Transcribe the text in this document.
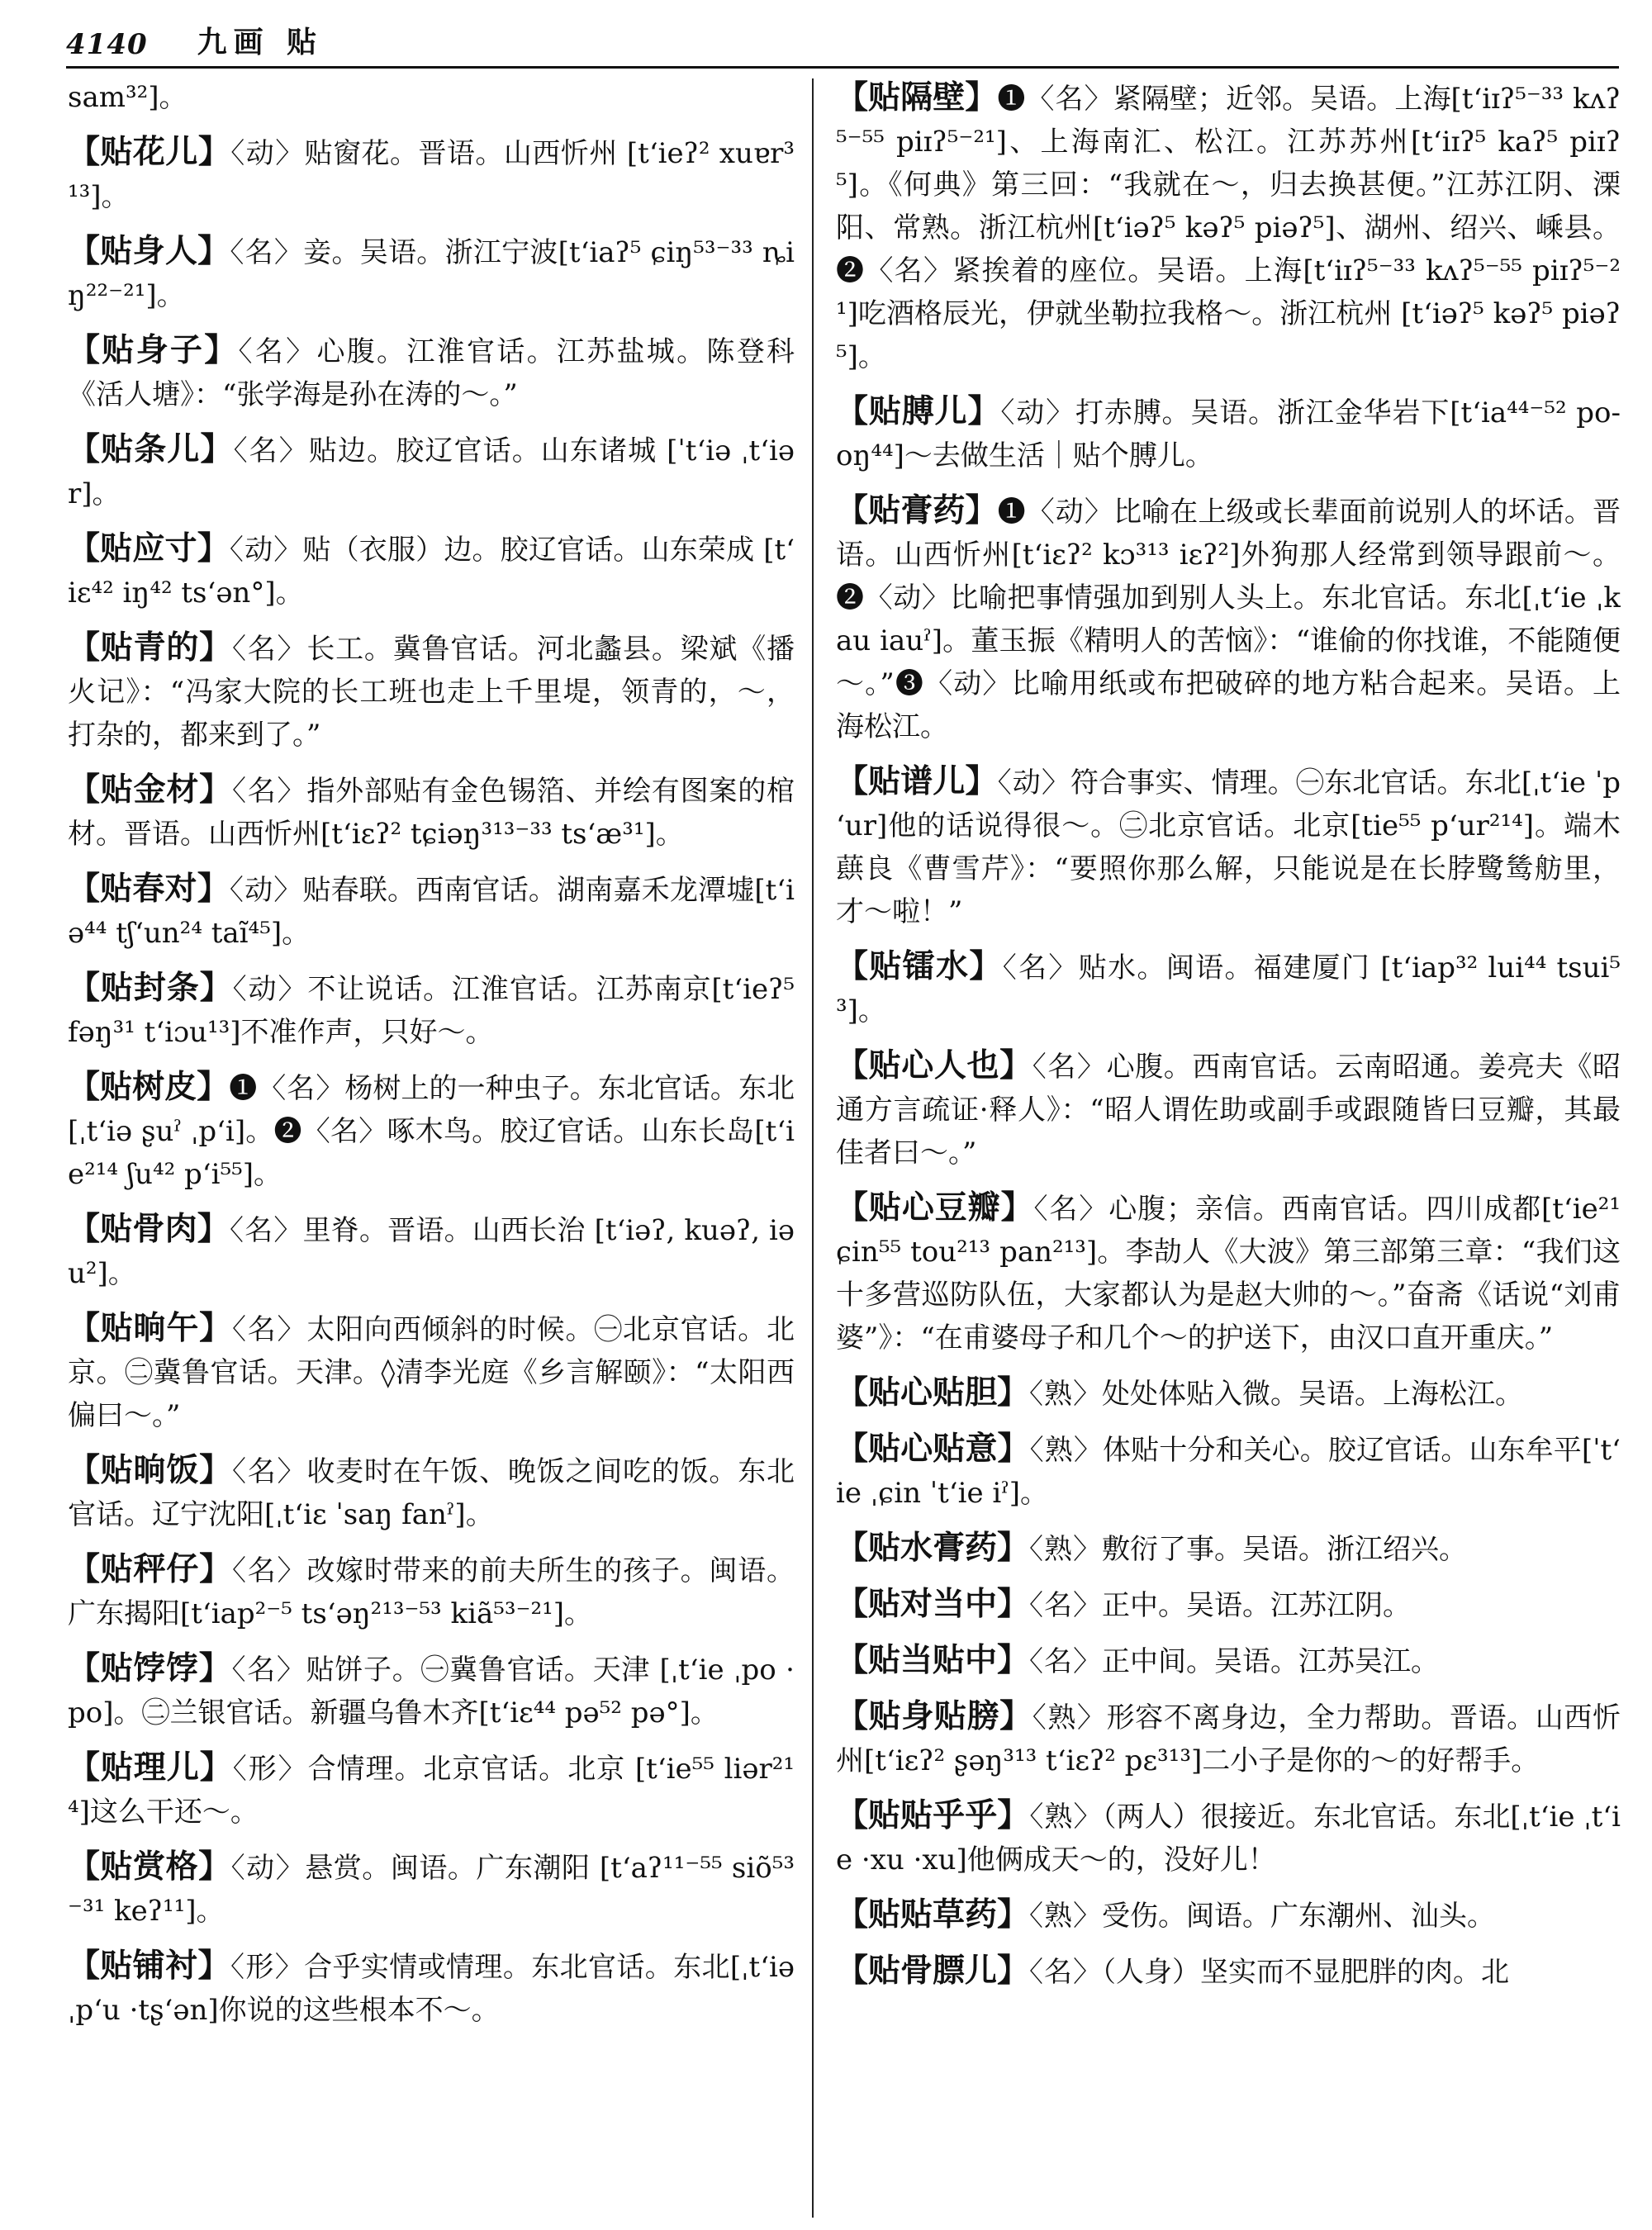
4140 九画 贴
sam³²]。

【贴花儿】〈动〉贴窗花。晋语。山西忻州 [tʻieʔ² xuɐr³¹³]。

【贴身人】〈名〉妾。吴语。浙江宁波[tʻiaʔ⁵ ɕiŋ⁵³⁻³³ ȵiŋ²²⁻²¹]。

【贴身子】〈名〉心腹。江淮官话。江苏盐城。陈登科《活人塘》：“张学海是孙在涛的～。”

【贴条儿】〈名〉贴边。胶辽官话。山东诸城 [ˈtʻiə ˌtʻiər]。

【贴应寸】〈动〉贴（衣服）边。胶辽官话。山东荣成 [tʻiɛ⁴² iŋ⁴² tsʻən°]。

【贴青的】〈名〉长工。冀鲁官话。河北蠡县。梁斌《播火记》：“冯家大院的长工班也走上千里堤，领青的，～，打杂的，都来到了。”

【贴金材】〈名〉指外部贴有金色锡箔、并绘有图案的棺材。晋语。山西忻州[tʻiɛʔ² tɕiəŋ³¹³⁻³³ tsʻæ³¹]。

【贴春对】〈动〉贴春联。西南官话。湖南嘉禾龙潭墟[tʻiə⁴⁴ tʃʻun²⁴ taĩ⁴⁵]。

【贴封条】〈动〉不让说话。江淮官话。江苏南京[tʻieʔ⁵ fəŋ³¹ tʻiɔu¹³]不准作声，只好～。

【贴树皮】❶〈名〉杨树上的一种虫子。东北官话。东北[ˌtʻiə ʂuˀ ˌpʻi]。❷〈名〉啄木鸟。胶辽官话。山东长岛[tʻie²¹⁴ ʃu⁴² pʻi⁵⁵]。

【贴骨肉】〈名〉里脊。晋语。山西长治 [tʻiəʔ, kuəʔ, iəu²]。

【贴晌午】〈名〉太阳向西倾斜的时候。㊀北京官话。北京。㊁冀鲁官话。天津。◊清李光庭《乡言解颐》：“太阳西偏曰～。”

【贴晌饭】〈名〉收麦时在午饭、晚饭之间吃的饭。东北官话。辽宁沈阳[ˌtʻiɛ ˈsaŋ fanˀ]。

【贴秤仔】〈名〉改嫁时带来的前夫所生的孩子。闽语。广东揭阳[tʻiap²⁻⁵ tsʻəŋ²¹³⁻⁵³ kiã⁵³⁻²¹]。

【贴饽饽】〈名〉贴饼子。㊀冀鲁官话。天津 [ˌtʻie ˌpo ·po]。㊁兰银官话。新疆乌鲁木齐[tʻiɛ⁴⁴ pə⁵² pə°]。

【贴理儿】〈形〉合情理。北京官话。北京 [tʻie⁵⁵ liər²¹⁴]这么干还～。

【贴赏格】〈动〉悬赏。闽语。广东潮阳 [tʻaʔ¹¹⁻⁵⁵ siõ⁵³⁻³¹ keʔ¹¹]。

【贴铺衬】〈形〉合乎实情或情理。东北官话。东北[ˌtʻiə ˌpʻu ·tʂʻən]你说的这些根本不～。

【贴隔壁】❶〈名〉紧隔壁；近邻。吴语。上海[tʻiɪʔ⁵⁻³³ kʌʔ⁵⁻⁵⁵ piɪʔ⁵⁻²¹]、上海南汇、松江。江苏苏州[tʻiɪʔ⁵ kaʔ⁵ piɪʔ⁵]。《何典》第三回：“我就在～，归去换甚便。”江苏江阴、溧阳、常熟。浙江杭州[tʻiəʔ⁵ kəʔ⁵ piəʔ⁵]、湖州、绍兴、嵊县。❷〈名〉紧挨着的座位。吴语。上海[tʻiɪʔ⁵⁻³³ kʌʔ⁵⁻⁵⁵ piɪʔ⁵⁻²¹]吃酒格辰光，伊就坐勒拉我格～。浙江杭州 [tʻiəʔ⁵ kəʔ⁵ piəʔ⁵]。

【贴膊儿】〈动〉打赤膊。吴语。浙江金华岩下[tʻia⁴⁴⁻⁵² po-oŋ⁴⁴]～去做生活｜贴个膊儿。

【贴膏药】❶〈动〉比喻在上级或长辈面前说别人的坏话。晋语。山西忻州[tʻiɛʔ² kɔ³¹³ iɛʔ²]外狗那人经常到领导跟前～。❷〈动〉比喻把事情强加到别人头上。东北官话。东北[ˌtʻie ˌkau iauˀ]。董玉振《精明人的苦恼》：“谁偷的你找谁，不能随便～。”❸〈动〉比喻用纸或布把破碎的地方粘合起来。吴语。上海松江。

【贴谱儿】〈动〉符合事实、情理。㊀东北官话。东北[ˌtʻie ˈpʻur]他的话说得很～。㊁北京官话。北京[tie⁵⁵ pʻur²¹⁴]。端木蕻良《曹雪芹》：“要照你那么解，只能说是在长脖鹭鸶舫里，才～啦！”

【贴镭水】〈名〉贴水。闽语。福建厦门 [tʻiap³² lui⁴⁴ tsui⁵³]。

【贴心人也】〈名〉心腹。西南官话。云南昭通。姜亮夫《昭通方言疏证·释人》：“昭人谓佐助或副手或跟随皆曰豆瓣，其最佳者曰～。”

【贴心豆瓣】〈名〉心腹；亲信。西南官话。四川成都[tʻie²¹ ɕin⁵⁵ tou²¹³ pan²¹³]。李劼人《大波》第三部第三章：“我们这十多营巡防队伍，大家都认为是赵大帅的～。”奋斋《话说“刘甫婆”》：“在甫婆母子和几个～的护送下，由汉口直开重庆。”

【贴心贴胆】〈熟〉处处体贴入微。吴语。上海松江。

【贴心贴意】〈熟〉体贴十分和关心。胶辽官话。山东牟平[ˈtʻie ˌɕin ˈtʻie iˀ]。

【贴水膏药】〈熟〉敷衍了事。吴语。浙江绍兴。

【贴对当中】〈名〉正中。吴语。江苏江阴。

【贴当贴中】〈名〉正中间。吴语。江苏吴江。

【贴身贴膀】〈熟〉形容不离身边，全力帮助。晋语。山西忻州[tʻiɛʔ² ʂəŋ³¹³ tʻiɛʔ² pɛ³¹³]二小子是你的～的好帮手。

【贴贴乎乎】〈熟〉（两人）很接近。东北官话。东北[ˌtʻie ˌtʻie ·xu ·xu]他俩成天～的，没好儿！

【贴贴草药】〈熟〉受伤。闽语。广东潮州、汕头。

【贴骨膘儿】〈名〉（人身）坚实而不显肥胖的肉。北
